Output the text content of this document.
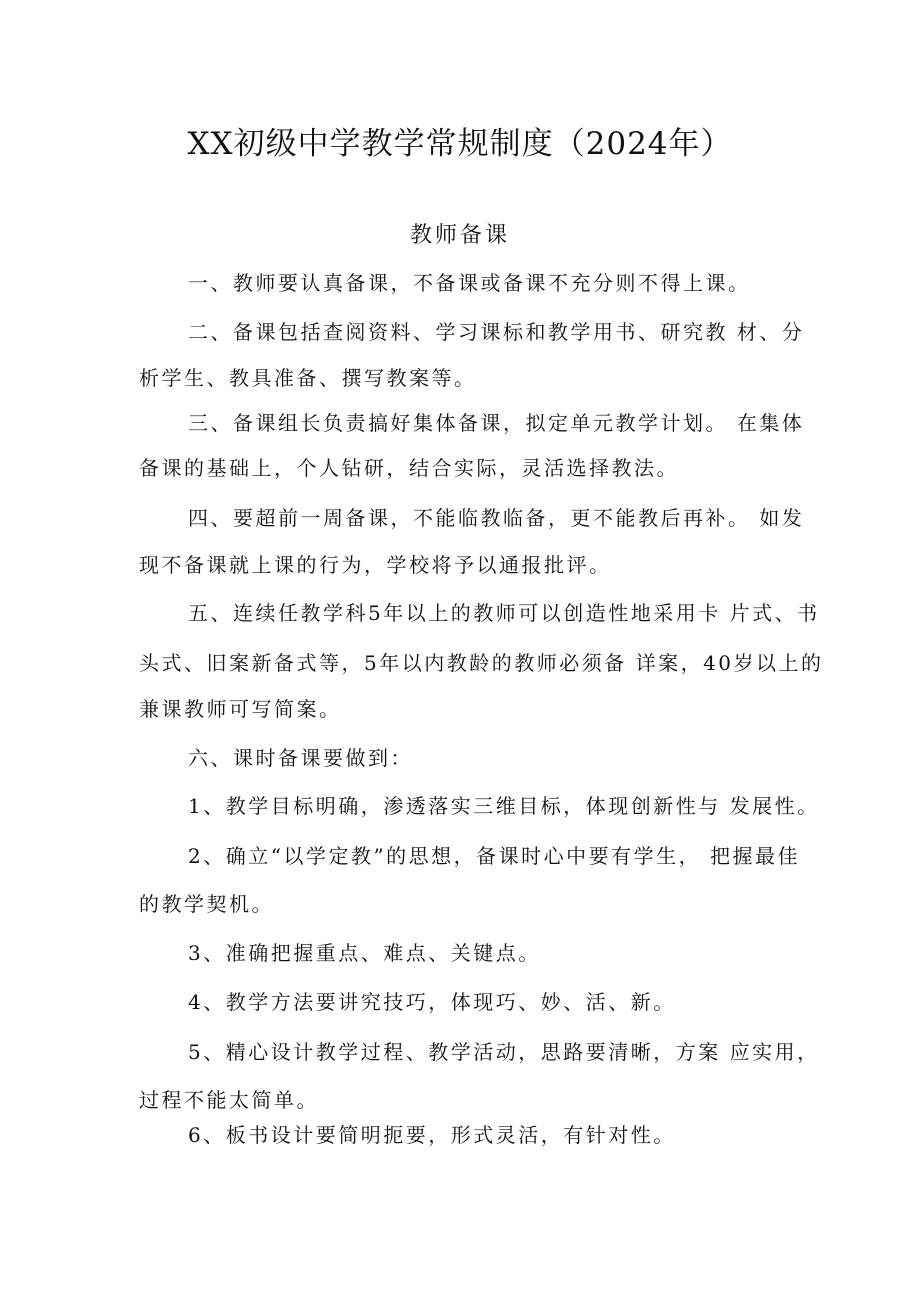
XX初级中学教学常规制度（2024年）
教师备课
一、教师要认真备课，不备课或备课不充分则不得上课。
二、备课包括查阅资料、学习课标和教学用书、研究教 材、分
析学生、教具准备、撰写教案等。
三、备课组长负责搞好集体备课，拟定单元教学计划。 在集体
备课的基础上，个人钻研，结合实际，灵活选择教法。
四、要超前一周备课，不能临教临备，更不能教后再补。 如发
现不备课就上课的行为，学校将予以通报批评。
五、连续任教学科5年以上的教师可以创造性地采用卡 片式、书
头式、旧案新备式等，5年以内教龄的教师必须备 详案，40岁以上的
兼课教师可写简案。
六、课时备课要做到：
1、教学目标明确，渗透落实三维目标，体现创新性与 发展性。
2、确立“以学定教”的思想，备课时心中要有学生， 把握最佳
的教学契机。
3、准确把握重点、难点、关键点。
4、教学方法要讲究技巧，体现巧、妙、活、新。
5、精心设计教学过程、教学活动，思路要清晰，方案 应实用，
过程不能太简单。
6、板书设计要简明扼要，形式灵活，有针对性。
